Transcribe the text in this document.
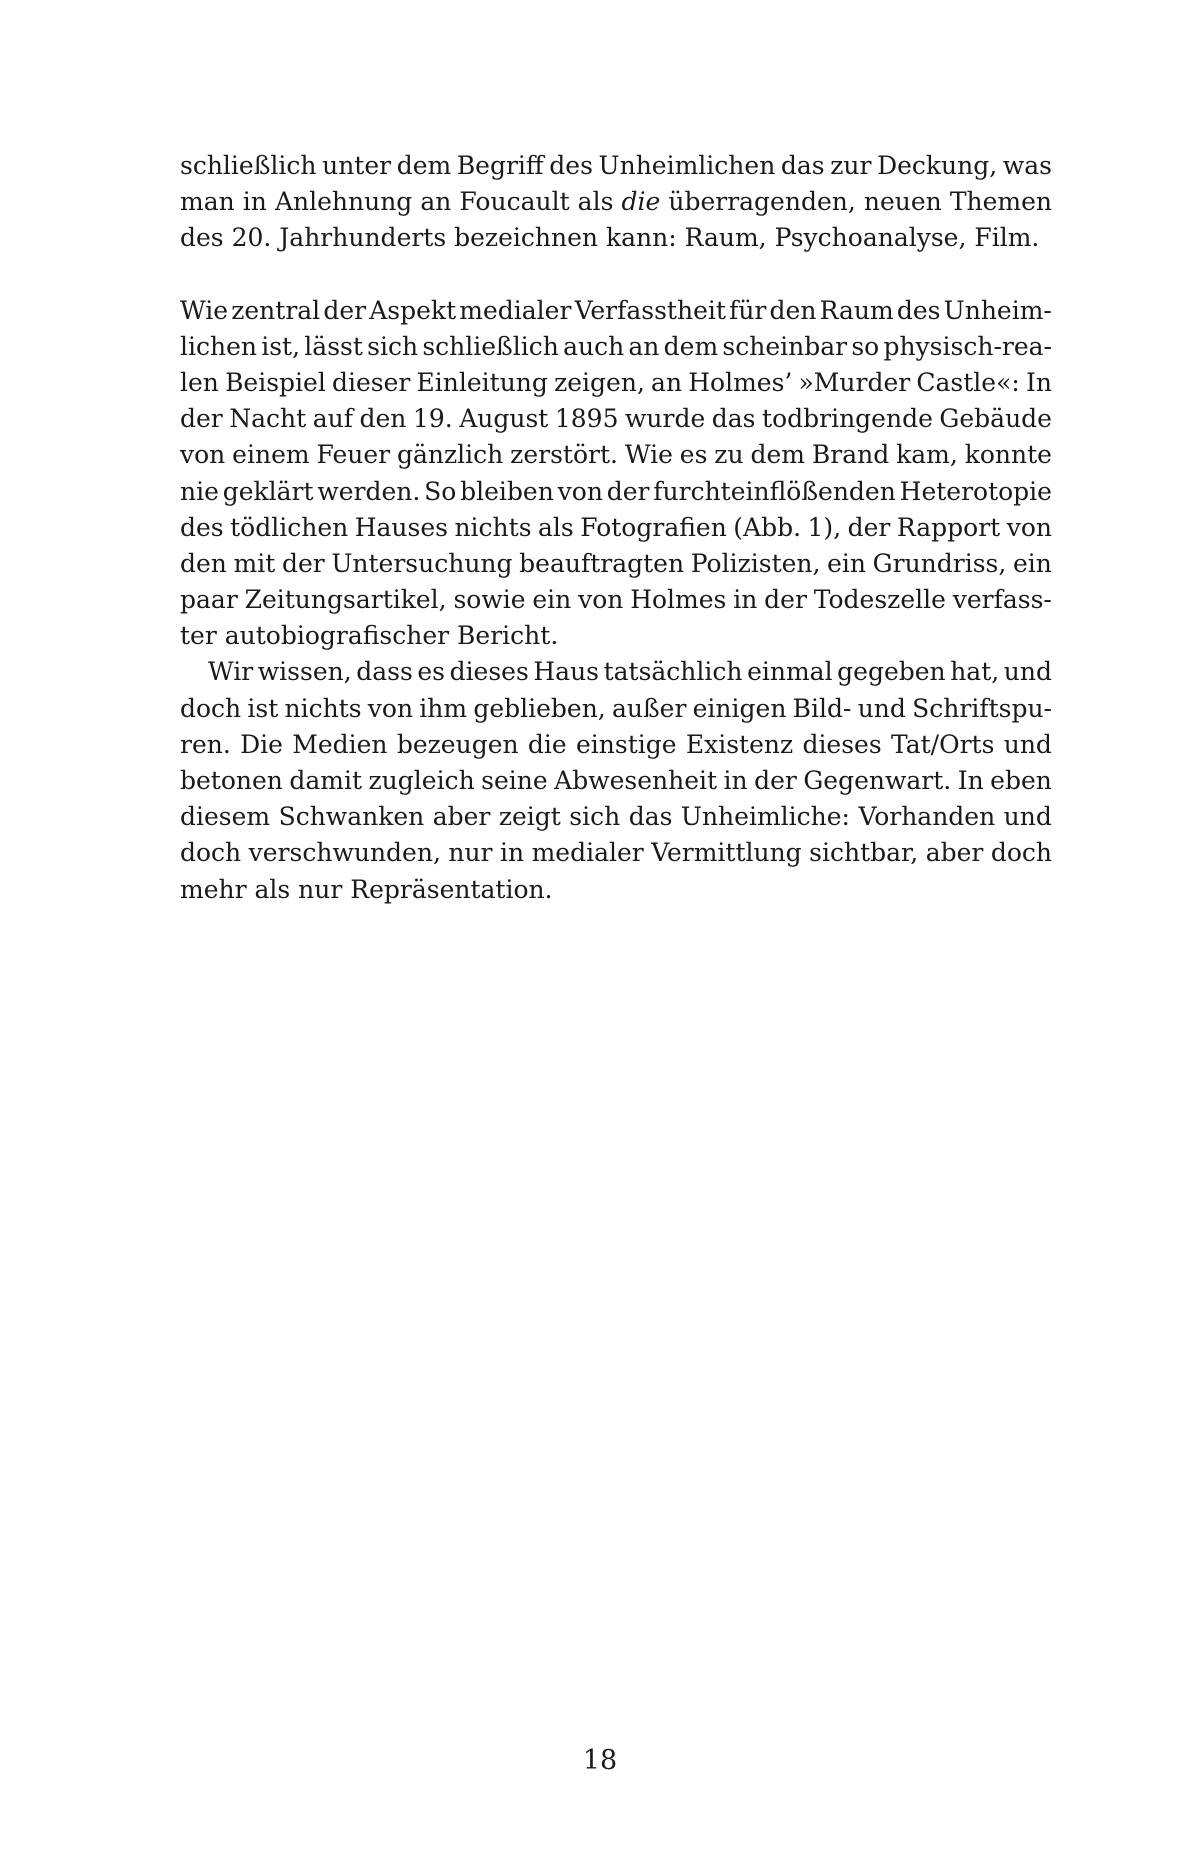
schließlich unter dem Begriff des Unheimlichen das zur Deckung, was
man in Anlehnung an Foucault als die überragenden, neuen Themen
des 20. Jahrhunderts bezeichnen kann: Raum, Psychoanalyse, Film.
Wie zentral der Aspekt medialer Verfasstheit für den Raum des Unheim-
lichen ist, lässt sich schließlich auch an dem scheinbar so physisch-rea-
len Beispiel dieser Einleitung zeigen, an Holmes’ »Murder Castle«: In
der Nacht auf den 19. August 1895 wurde das todbringende Gebäude
von einem Feuer gänzlich zerstört. Wie es zu dem Brand kam, konnte
nie geklärt werden. So bleiben von der furchteinflößenden Heterotopie
des tödlichen Hauses nichts als Fotografien (Abb. 1), der Rapport von
den mit der Untersuchung beauftragten Polizisten, ein Grundriss, ein
paar Zeitungsartikel, sowie ein von Holmes in der Todeszelle verfass-
ter autobiografischer Bericht.
Wir wissen, dass es dieses Haus tatsächlich einmal gegeben hat, und
doch ist nichts von ihm geblieben, außer einigen Bild- und Schriftspu-
ren. Die Medien bezeugen die einstige Existenz dieses Tat/Orts und
betonen damit zugleich seine Abwesenheit in der Gegenwart. In eben
diesem Schwanken aber zeigt sich das Unheimliche: Vorhanden und
doch verschwunden, nur in medialer Vermittlung sichtbar, aber doch
mehr als nur Repräsentation.
18
